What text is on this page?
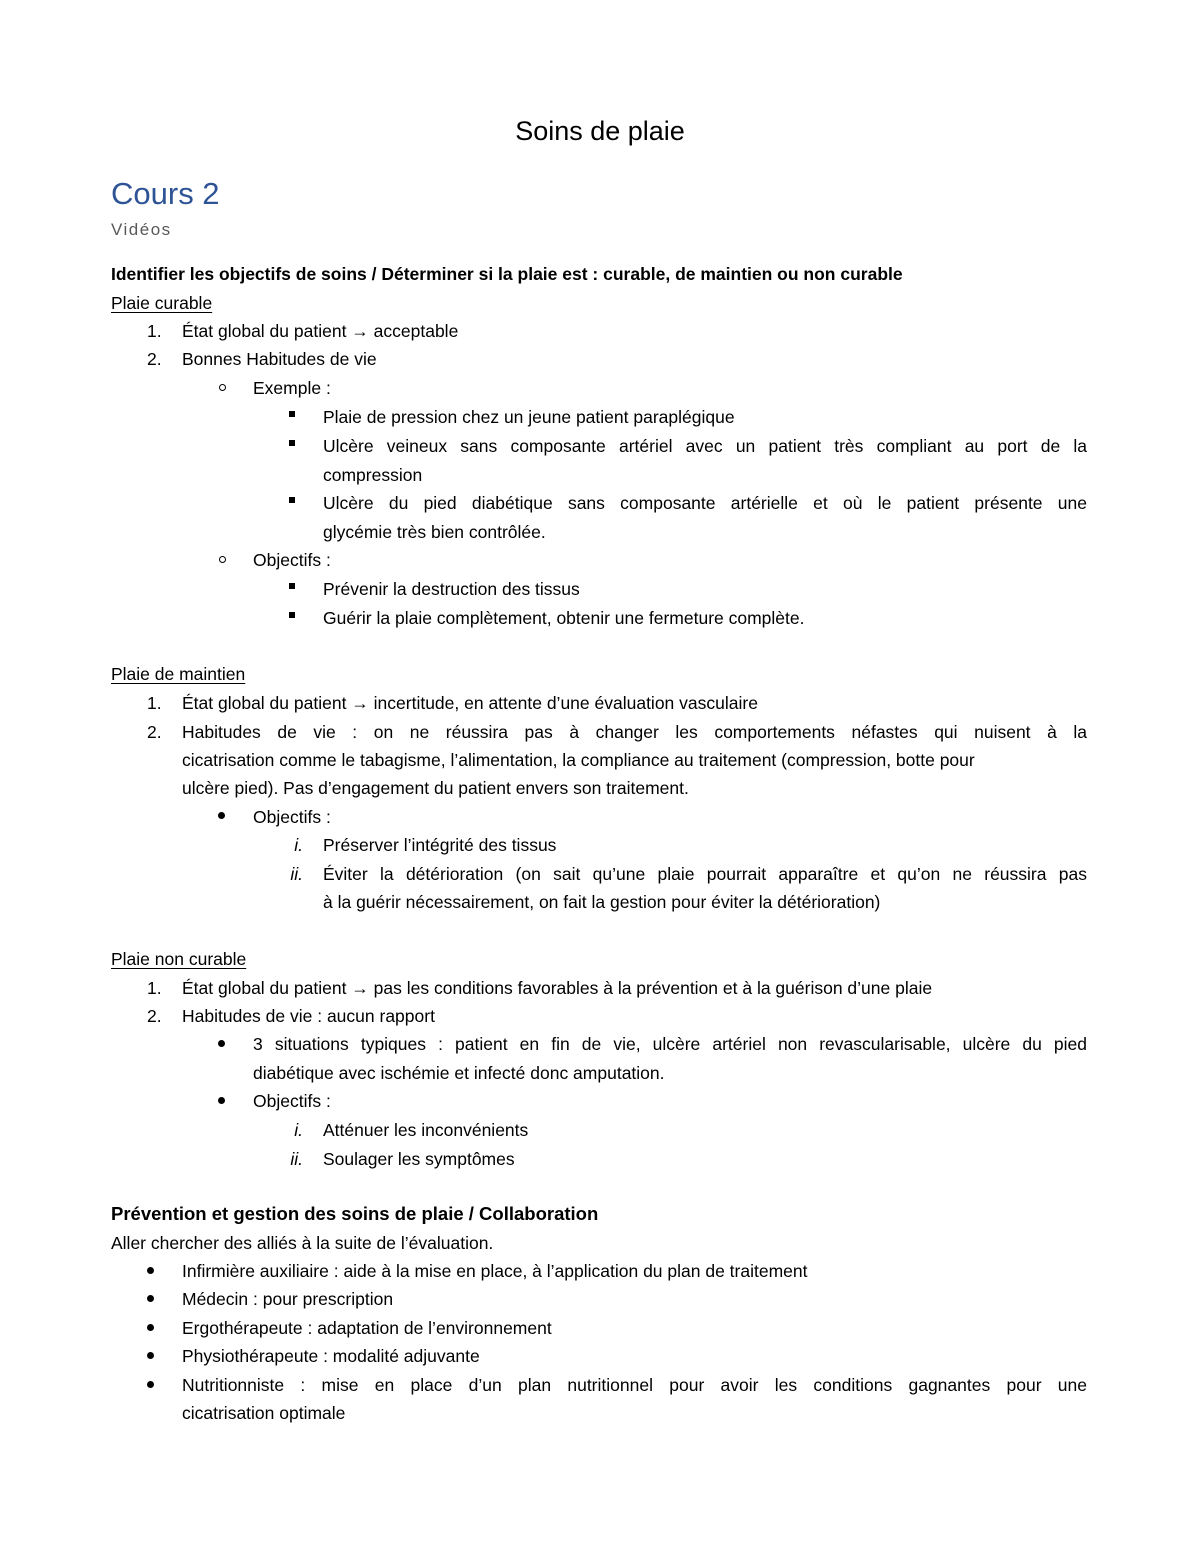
Soins de plaie
Cours 2
Vidéos
Identifier les objectifs de soins / Déterminer si la plaie est : curable, de maintien ou non curable
Plaie curable
1. État global du patient → acceptable
2. Bonnes Habitudes de vie
Exemple :
Plaie de pression chez un jeune patient paraplégique
Ulcère veineux sans composante artériel avec un patient très compliant au port de la
compression
Ulcère du pied diabétique sans composante artérielle et où le patient présente une
glycémie très bien contrôlée.
Objectifs :
Prévenir la destruction des tissus
Guérir la plaie complètement, obtenir une fermeture complète.
Plaie de maintien
1. État global du patient → incertitude, en attente d’une évaluation vasculaire
2. Habitudes de vie : on ne réussira pas à changer les comportements néfastes qui nuisent à la
cicatrisation comme le tabagisme, l’alimentation, la compliance au traitement (compression, botte pour
ulcère pied). Pas d’engagement du patient envers son traitement.
Objectifs :
i. Préserver l’intégrité des tissus
ii. Éviter la détérioration (on sait qu’une plaie pourrait apparaître et qu’on ne réussira pas
à la guérir nécessairement, on fait la gestion pour éviter la détérioration)
Plaie non curable
1. État global du patient → pas les conditions favorables à la prévention et à la guérison d’une plaie
2. Habitudes de vie : aucun rapport
3 situations typiques : patient en fin de vie, ulcère artériel non revascularisable, ulcère du pied
diabétique avec ischémie et infecté donc amputation.
Objectifs :
i. Atténuer les inconvénients
ii. Soulager les symptômes
Prévention et gestion des soins de plaie / Collaboration
Aller chercher des alliés à la suite de l’évaluation.
Infirmière auxiliaire : aide à la mise en place, à l’application du plan de traitement
Médecin : pour prescription
Ergothérapeute : adaptation de l’environnement
Physiothérapeute : modalité adjuvante
Nutritionniste : mise en place d’un plan nutritionnel pour avoir les conditions gagnantes pour une
cicatrisation optimale
